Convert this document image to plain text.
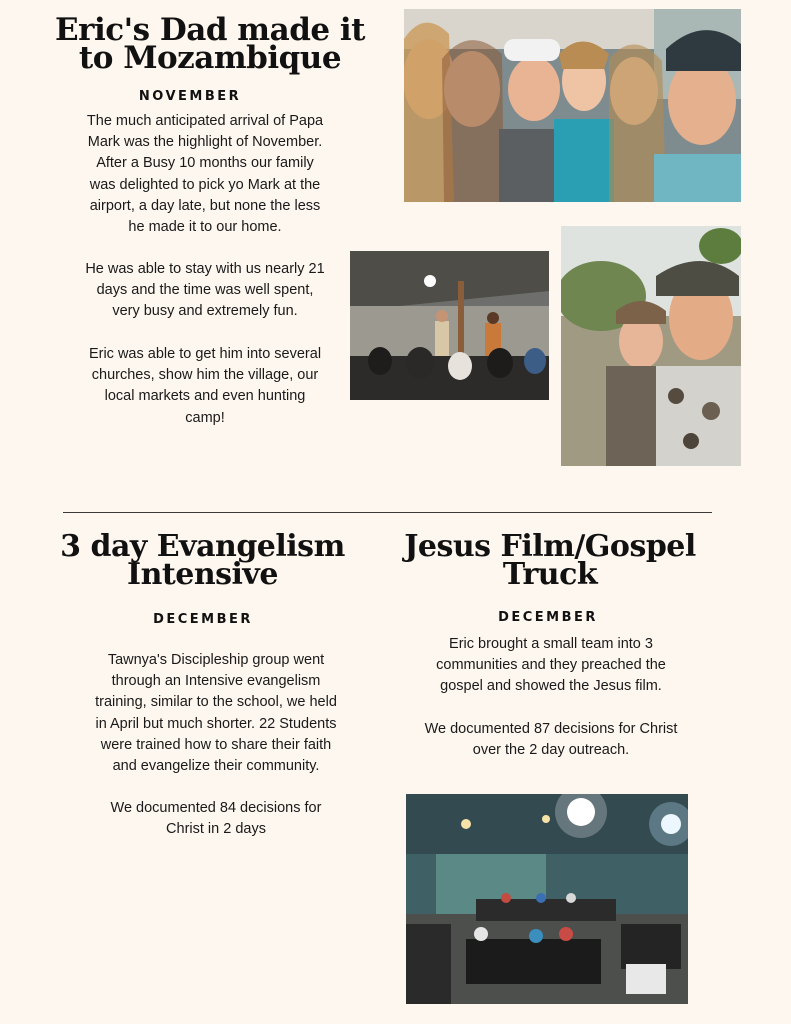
Eric's Dad made it
to Mozambique
NOVEMBER

The much anticipated arrival of Papa
Mark was the highlight of November.
After a Busy 10 months our family
was delighted to pick yo Mark at the
airport, a day late, but none the less
he made it to our home.

He was able to stay with us nearly 21
days and the time was well spent,
very busy and extremely fun.

Eric was able to get him into several
churches, show him the village, our
local markets and even hunting
camp!

3 day Evangelism
Intensive
DECEMBER

Tawnya's Discipleship group went
through an Intensive evangelism
training, similar to the school, we held
in April but much shorter. 22 Students
were trained how to share their faith
and evangelize their community.

We documented 84 decisions for
Christ in 2 days

Jesus Film/Gospel
Truck
DECEMBER

Eric brought a small team into 3
communities and they preached the
gospel and showed the Jesus film.

We documented 87 decisions for Christ
over the 2 day outreach.
